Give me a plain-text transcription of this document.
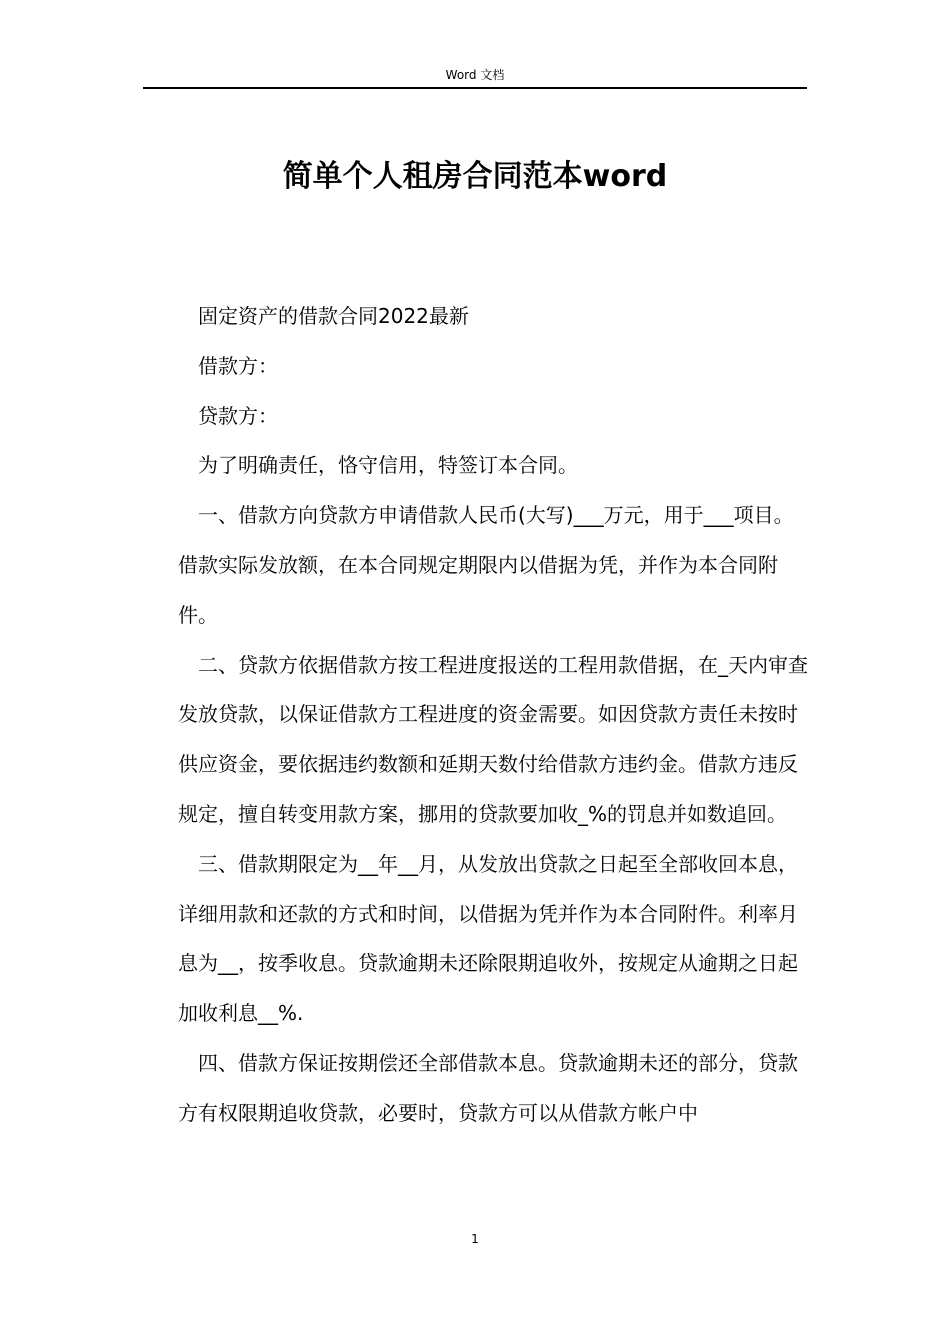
Word 文档
简单个人租房合同范本word

固定资产的借款合同2022最新

借款方：

贷款方：

为了明确责任，恪守信用，特签订本合同。

一、借款方向贷款方申请借款人民币(大写)___万元，用于___项目。借款实际发放额，在本合同规定期限内以借据为凭，并作为本合同附件。

二、贷款方依据借款方按工程进度报送的工程用款借据，在_天内审查发放贷款，以保证借款方工程进度的资金需要。如因贷款方责任未按时供应资金，要依据违约数额和延期天数付给借款方违约金。借款方违反规定，擅自转变用款方案，挪用的贷款要加收_%的罚息并如数追回。

三、借款期限定为__年__月，从发放出贷款之日起至全部收回本息，详细用款和还款的方式和时间，以借据为凭并作为本合同附件。利率月息为__，按季收息。贷款逾期未还除限期追收外，按规定从逾期之日起加收利息__%.

四、借款方保证按期偿还全部借款本息。贷款逾期未还的部分，贷款方有权限期追收贷款，必要时，贷款方可以从借款方帐户中

1
